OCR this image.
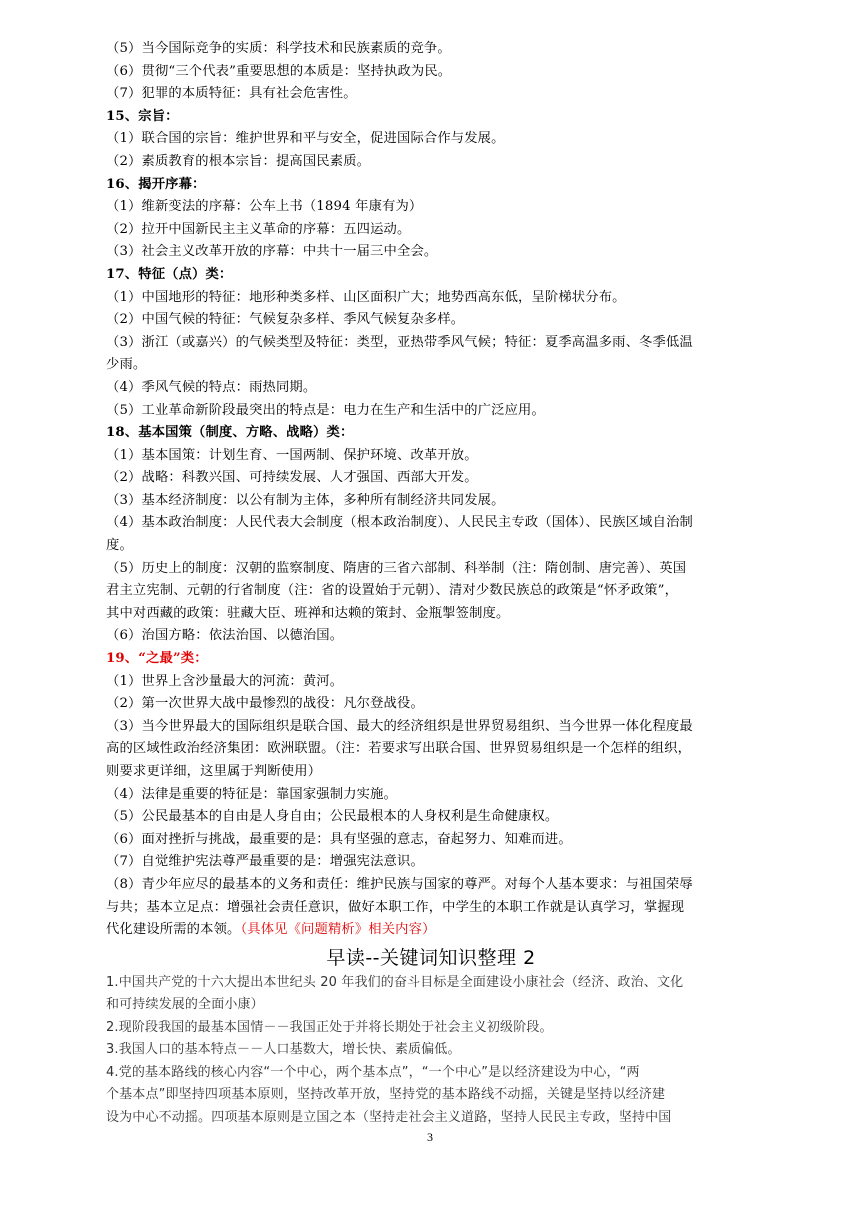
（5）当今国际竞争的实质：科学技术和民族素质的竞争。
（6）贯彻“三个代表”重要思想的本质是：坚持执政为民。
（7）犯罪的本质特征：具有社会危害性。
15、宗旨：
（1）联合国的宗旨：维护世界和平与安全，促进国际合作与发展。
（2）素质教育的根本宗旨：提高国民素质。
16、揭开序幕：
（1）维新变法的序幕：公车上书（1894 年康有为）
（2）拉开中国新民主主义革命的序幕：五四运动。
（3）社会主义改革开放的序幕：中共十一届三中全会。
17、特征（点）类：
（1）中国地形的特征：地形种类多样、山区面积广大；地势西高东低，呈阶梯状分布。
（2）中国气候的特征：气候复杂多样、季风气候复杂多样。
（3）浙江（或嘉兴）的气候类型及特征：类型，亚热带季风气候；特征：夏季高温多雨、冬季低温
少雨。
（4）季风气候的特点：雨热同期。
（5）工业革命新阶段最突出的特点是：电力在生产和生活中的广泛应用。
18、基本国策（制度、方略、战略）类：
（1）基本国策：计划生育、一国两制、保护环境、改革开放。
（2）战略：科教兴国、可持续发展、人才强国、西部大开发。
（3）基本经济制度：以公有制为主体，多种所有制经济共同发展。
（4）基本政治制度：人民代表大会制度（根本政治制度）、人民民主专政（国体）、民族区域自治制
度。
（5）历史上的制度：汉朝的监察制度、隋唐的三省六部制、科举制（注：隋创制、唐完善）、英国
君主立宪制、元朝的行省制度（注：省的设置始于元朝）、清对少数民族总的政策是“怀矛政策”，
其中对西藏的政策：驻藏大臣、班禅和达赖的策封、金瓶掣签制度。
（6）治国方略：依法治国、以德治国。
19、“之最”类：
（1）世界上含沙量最大的河流：黄河。
（2）第一次世界大战中最惨烈的战役：凡尔登战役。
（3）当今世界最大的国际组织是联合国、最大的经济组织是世界贸易组织、当今世界一体化程度最
高的区域性政治经济集团：欧洲联盟。（注：若要求写出联合国、世界贸易组织是一个怎样的组织，
则要求更详细，这里属于判断使用）
（4）法律是重要的特征是：靠国家强制力实施。
（5）公民最基本的自由是人身自由；公民最根本的人身权利是生命健康权。
（6）面对挫折与挑战，最重要的是：具有坚强的意志，奋起努力、知难而进。
（7）自觉维护宪法尊严最重要的是：增强宪法意识。
（8）青少年应尽的最基本的义务和责任：维护民族与国家的尊严。对每个人基本要求：与祖国荣辱
与共；基本立足点：增强社会责任意识，做好本职工作，中学生的本职工作就是认真学习，掌握现
代化建设所需的本领。（具体见《问题精析》相关内容）
早读--关键词知识整理 2
1.中国共产党的十六大提出本世纪头 20 年我们的奋斗目标是全面建设小康社会（经济、政治、文化
和可持续发展的全面小康）
2.现阶段我国的最基本国情－－我国正处于并将长期处于社会主义初级阶段。
3.我国人口的基本特点－－人口基数大，增长快、素质偏低。
4.党的基本路线的核心内容“一个中心，两个基本点”，“一个中心”是以经济建设为中心，“两
个基本点”即坚持四项基本原则，坚持改革开放，坚持党的基本路线不动摇，关键是坚持以经济建
设为中心不动摇。四项基本原则是立国之本（坚持走社会主义道路，坚持人民民主专政，坚持中国
3
